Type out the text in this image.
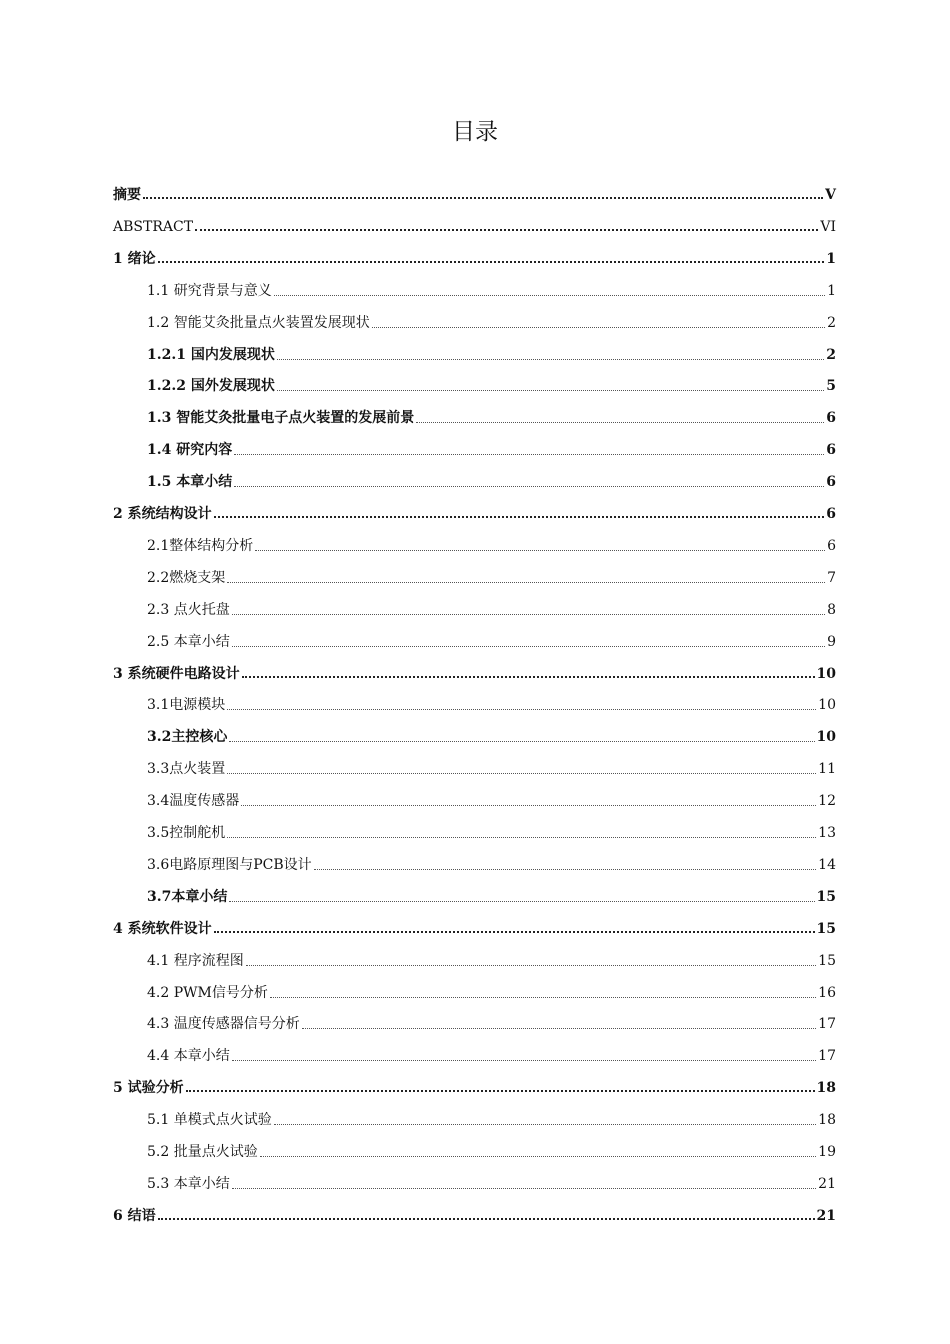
目录
摘要	V
ABSTRACT	VI
1 绪论	1
1.1 研究背景与意义	1
1.2 智能艾灸批量点火装置发展现状	2
1.2.1 国内发展现状	2
1.2.2 国外发展现状	5
1.3 智能艾灸批量电子点火装置的发展前景	6
1.4 研究内容	6
1.5 本章小结	6
2 系统结构设计	6
2.1整体结构分析	6
2.2燃烧支架	7
2.3 点火托盘	8
2.5 本章小结	9
3 系统硬件电路设计	10
3.1电源模块	10
3.2主控核心	10
3.3点火装置	11
3.4温度传感器	12
3.5控制舵机	13
3.6电路原理图与PCB设计	14
3.7本章小结	15
4 系统软件设计	15
4.1 程序流程图	15
4.2 PWM信号分析	16
4.3 温度传感器信号分析	17
4.4 本章小结	17
5 试验分析	18
5.1 单模式点火试验	18
5.2 批量点火试验	19
5.3 本章小结	21
6 结语	21
